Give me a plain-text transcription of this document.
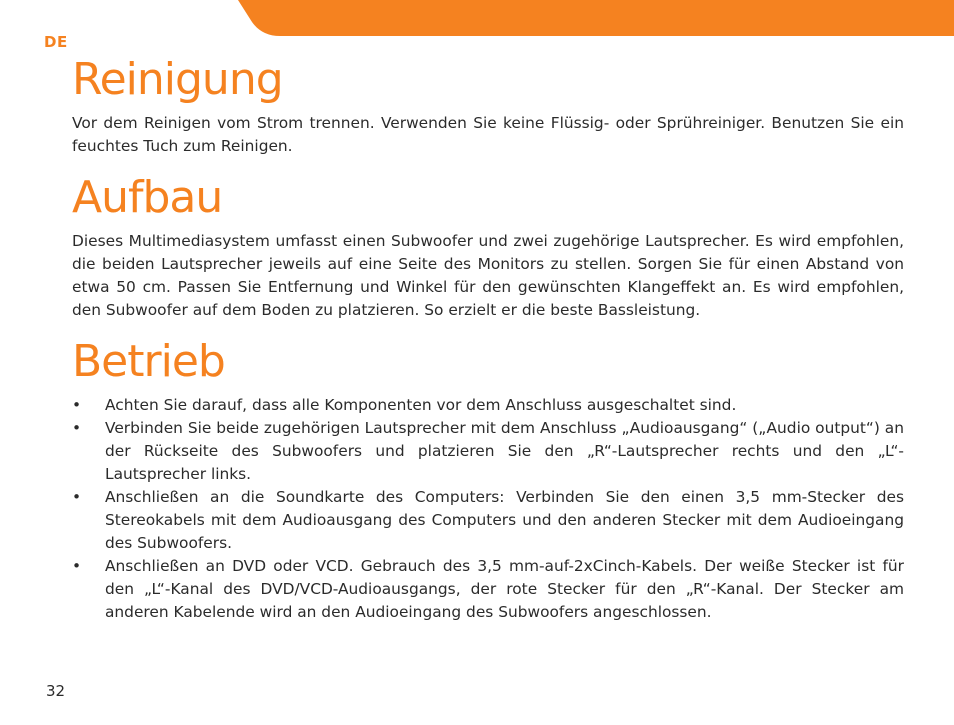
DE
Reinigung

Vor dem Reinigen vom Strom trennen. Verwenden Sie keine Flüssig- oder Sprühreiniger. Benutzen Sie ein feuchtes Tuch zum Reinigen.

Aufbau

Dieses Multimediasystem umfasst einen Subwoofer und zwei zugehörige Lautsprecher. Es wird empfohlen, die beiden Lautsprecher jeweils auf eine Seite des Monitors zu stellen. Sorgen Sie für einen Abstand von etwa 50 cm. Passen Sie Entfernung und Winkel für den gewünschten Klangeffekt an. Es wird empfohlen, den Subwoofer auf dem Boden zu platzieren. So erzielt er die beste Bassleistung.

Betrieb
• Achten Sie darauf, dass alle Komponenten vor dem Anschluss ausgeschaltet sind.
• Verbinden Sie beide zugehörigen Lautsprecher mit dem Anschluss „Audioausgang“ („Audio output“) an der Rückseite des Subwoofers und platzieren Sie den „R“-Lautsprecher rechts und den „L“-Lautsprecher links.
• Anschließen an die Soundkarte des Computers: Verbinden Sie den einen 3,5 mm-Stecker des Stereokabels mit dem Audioausgang des Computers und den anderen Stecker mit dem Audioeingang des Subwoofers.
• Anschließen an DVD oder VCD. Gebrauch des 3,5 mm-auf-2xCinch-Kabels. Der weiße Stecker ist für den „L“-Kanal des DVD/VCD-Audioausgangs, der rote Stecker für den „R“-Kanal. Der Stecker am anderen Kabelende wird an den Audioeingang des Subwoofers angeschlossen.
32
